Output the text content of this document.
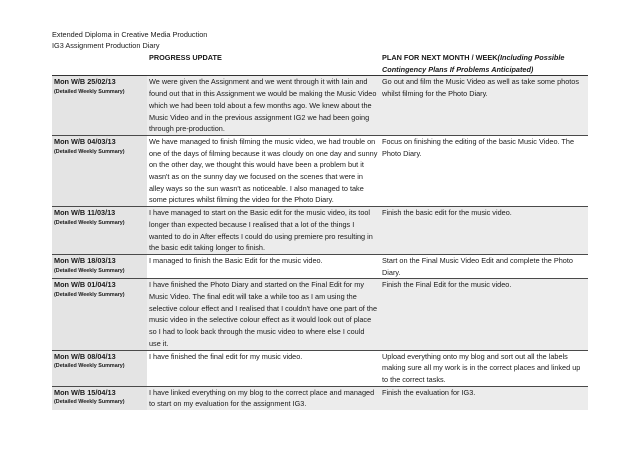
Extended Diploma in Creative Media Production
IG3 Assignment Production Diary
	PROGRESS UPDATE	PLAN FOR NEXT MONTH / WEEK(Including Possible Contingency Plans If Problems Anticipated)

Mon W/B 25/02/13
(Detailed Weekly Summary)	We were given the Assignment and we went through it with Iain and found out that in this Assignment we would be making the Music Video which we had been told about a few months ago. We knew about the Music Video and in the previous assignment IG2 we had been going through pre-production.	Go out and film the Music Video as well as take some photos whilst filming for the Photo Diary.

Mon W/B 04/03/13
(Detailed Weekly Summary)	We have managed to finish filming the music video, we had trouble on one of the days of filming because it was cloudy on one day and sunny on the other day, we thought this would have been a problem but it wasn't as on the sunny day we focused on the scenes that were in alley ways so the sun wasn't as noticeable. I also managed to take some pictures whilst filming the video for the Photo Diary.	Focus on finishing the editing of the basic Music Video. The Photo Diary.

Mon W/B 11/03/13
(Detailed Weekly Summary)	I have managed to start on the Basic edit for the music video, its tool longer than expected because I realised that a lot of the things I wanted to do in After effects I could do using premiere pro resulting in the basic edit taking longer to finish.	Finish the basic edit for the music video.

Mon W/B 18/03/13
(Detailed Weekly Summary)	I managed to finish the Basic Edit for the music video.	Start on the Final Music Video Edit and complete the Photo Diary.

Mon W/B 01/04/13
(Detailed Weekly Summary)	I have finished the Photo Diary and started on the Final Edit for my Music Video. The final edit will take a while too as I am using the selective colour effect and I realised that I couldn't have one part of the music video in the selective colour effect as it would look out of place so I had to look back through the music video to where else I could use it.	Finish the Final Edit for the music video.

Mon W/B 08/04/13
(Detailed Weekly Summary)	I have finished the final edit for my music video.	Upload everything onto my blog and sort out all the labels making sure all my work is in the correct places and linked up to the correct tasks.

Mon W/B 15/04/13
(Detailed Weekly Summary)	I have linked everything on my blog to the correct place and managed to start on my evaluation for the assignment IG3.	Finish the evaluation for IG3.
